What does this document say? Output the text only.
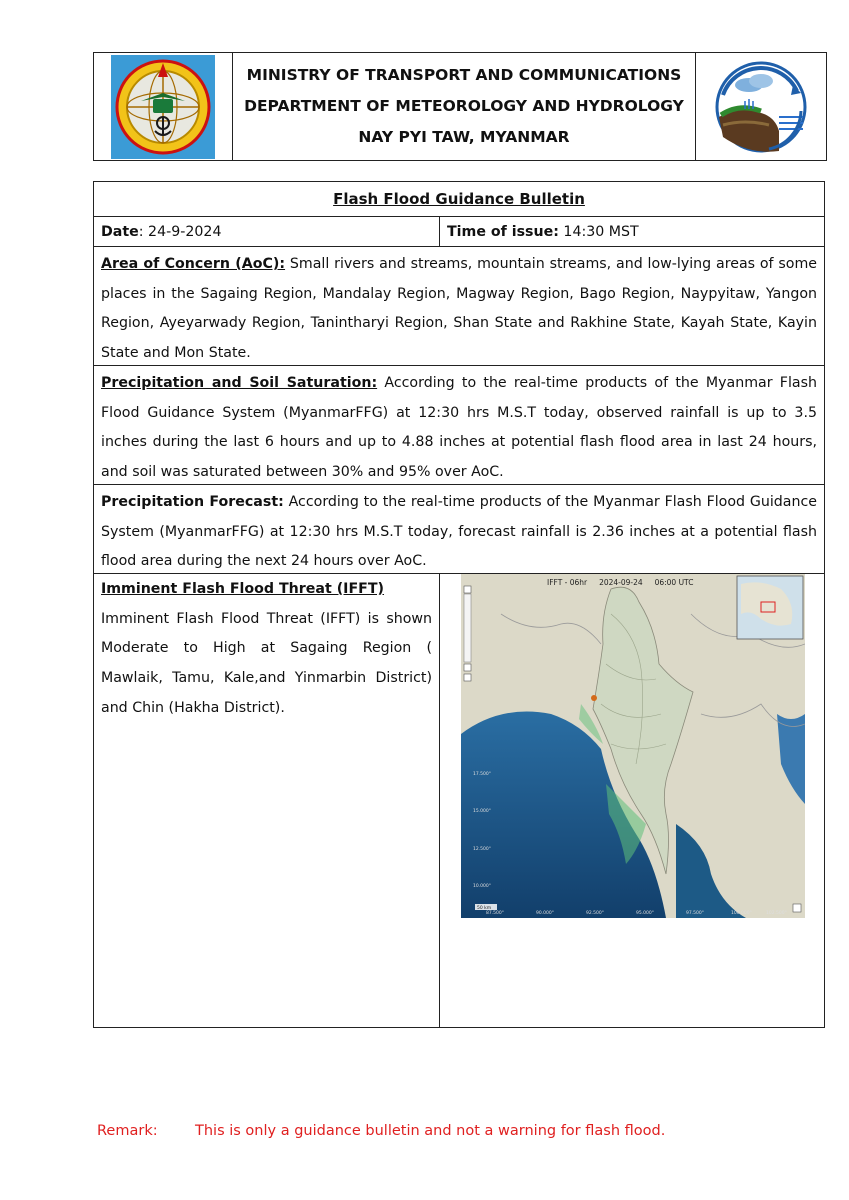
MINISTRY OF TRANSPORT AND COMMUNICATIONS
DEPARTMENT OF METEOROLOGY AND HYDROLOGY
NAY PYI TAW, MYANMAR
Flash Flood Guidance Bulletin
Date : 24-9-2024	Time of issue: 14:30 MST
Area of Concern (AoC): Small rivers and streams, mountain streams, and low-lying areas of some places in the Sagaing Region, Mandalay Region, Magway Region, Bago Region, Naypyitaw, Yangon Region, Ayeyarwady Region, Tanintharyi Region, Shan State and Rakhine State, Kayah State, Kayin State and Mon State.
Precipitation and Soil Saturation: According to the real-time products of the Myanmar Flash Flood Guidance System (MyanmarFFG) at 12:30 hrs M.S.T today, observed rainfall is up to 3.5 inches during the last 6 hours and up to 4.88 inches at potential flash flood area in last 24 hours, and soil was saturated between 30% and 95% over AoC.
Precipitation Forecast: According to the real-time products of the Myanmar Flash Flood Guidance System (MyanmarFFG) at 12:30 hrs M.S.T today, forecast rainfall is 2.36 inches at a potential flash flood area during the next 24 hours over AoC.
Imminent Flash Flood Threat (IFFT)
Imminent Flash Flood Threat (IFFT) is shown Moderate to High at Sagaing Region ( Mawlaik, Tamu, Kale,and Yinmarbin District) and Chin (Hakha District).
IFFT - 06hr     2024-09-24     06:00 UTC
17.500°
15.000°
12.500°
10.000°
87.500°	90.000°	92.500°	95.000°	97.500°	100.000°	102.500°
50 km
Remark:	This is only a guidance bulletin and not a warning for flash flood.
